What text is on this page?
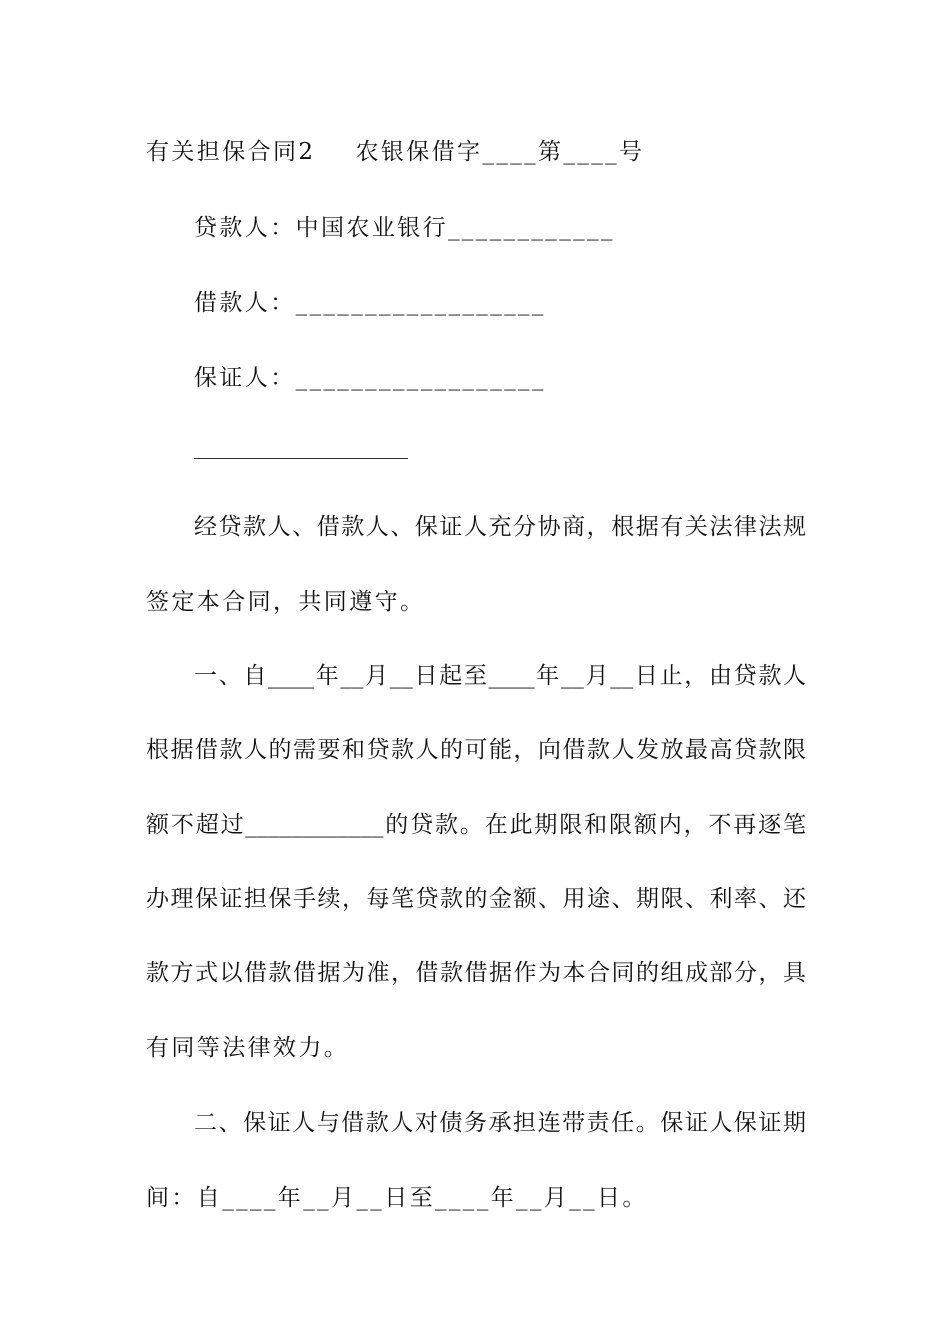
有关担保合同2 农银保借字____第____号
贷款人：中国农业银行____________
借款人：__________________
保证人：__________________
经贷款人、借款人、保证人充分协商，根据有关法律法规
签定本合同，共同遵守。
一、自____年__月__日起至____年__月__日止，由贷款人
根据借款人的需要和贷款人的可能，向借款人发放最高贷款限
额不超过____________的贷款。在此期限和限额内，不再逐笔
办理保证担保手续，每笔贷款的金额、用途、期限、利率、还
款方式以借款借据为准，借款借据作为本合同的组成部分，具
有同等法律效力。
二、保证人与借款人对债务承担连带责任。保证人保证期
间：自____年__月__日至____年__月__日。
